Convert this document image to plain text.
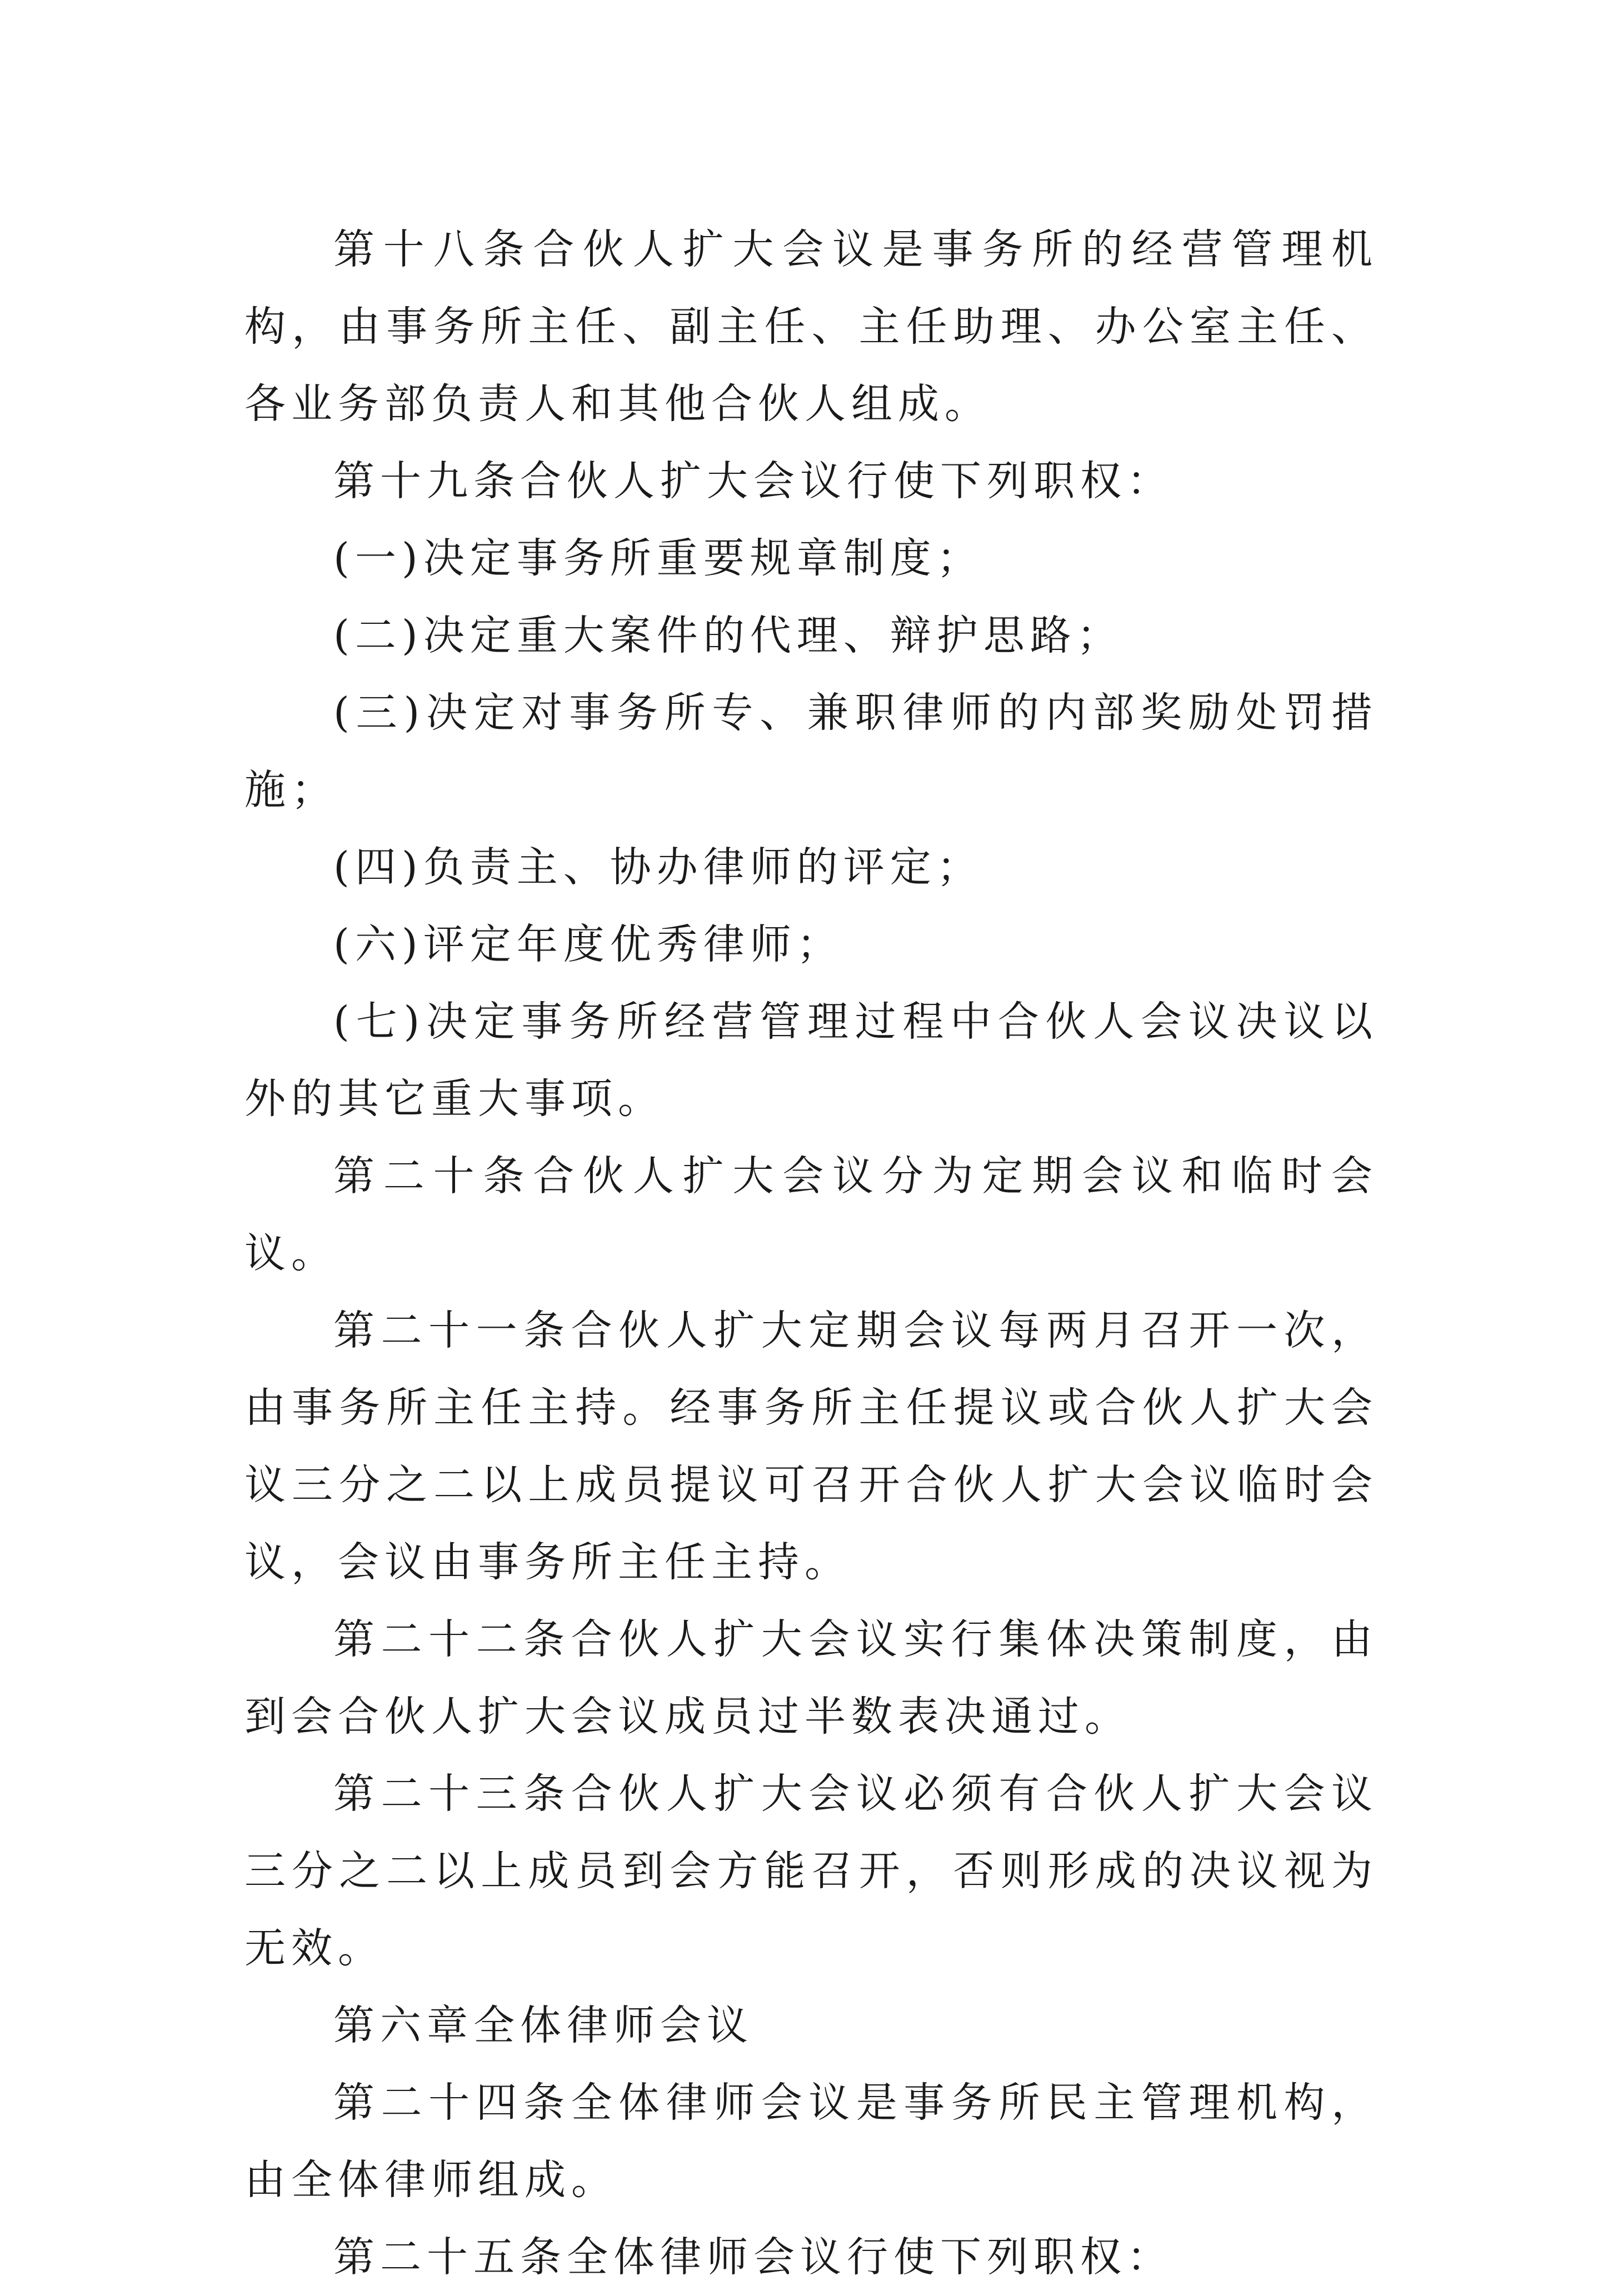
第十八条合伙人扩大会议是事务所的经营管理机构，由事务所主任、副主任、主任助理、办公室主任、各业务部负责人和其他合伙人组成。

第十九条合伙人扩大会议行使下列职权：

(一)决定事务所重要规章制度；

(二)决定重大案件的代理、辩护思路；

(三)决定对事务所专、兼职律师的内部奖励处罚措施；

(四)负责主、协办律师的评定；

(六)评定年度优秀律师；

(七)决定事务所经营管理过程中合伙人会议决议以外的其它重大事项。

第二十条合伙人扩大会议分为定期会议和临时会议。

第二十一条合伙人扩大定期会议每两月召开一次，由事务所主任主持。经事务所主任提议或合伙人扩大会议三分之二以上成员提议可召开合伙人扩大会议临时会议，会议由事务所主任主持。

第二十二条合伙人扩大会议实行集体决策制度，由到会合伙人扩大会议成员过半数表决通过。

第二十三条合伙人扩大会议必须有合伙人扩大会议三分之二以上成员到会方能召开，否则形成的决议视为无效。

第六章全体律师会议

第二十四条全体律师会议是事务所民主管理机构，由全体律师组成。

第二十五条全体律师会议行使下列职权：
